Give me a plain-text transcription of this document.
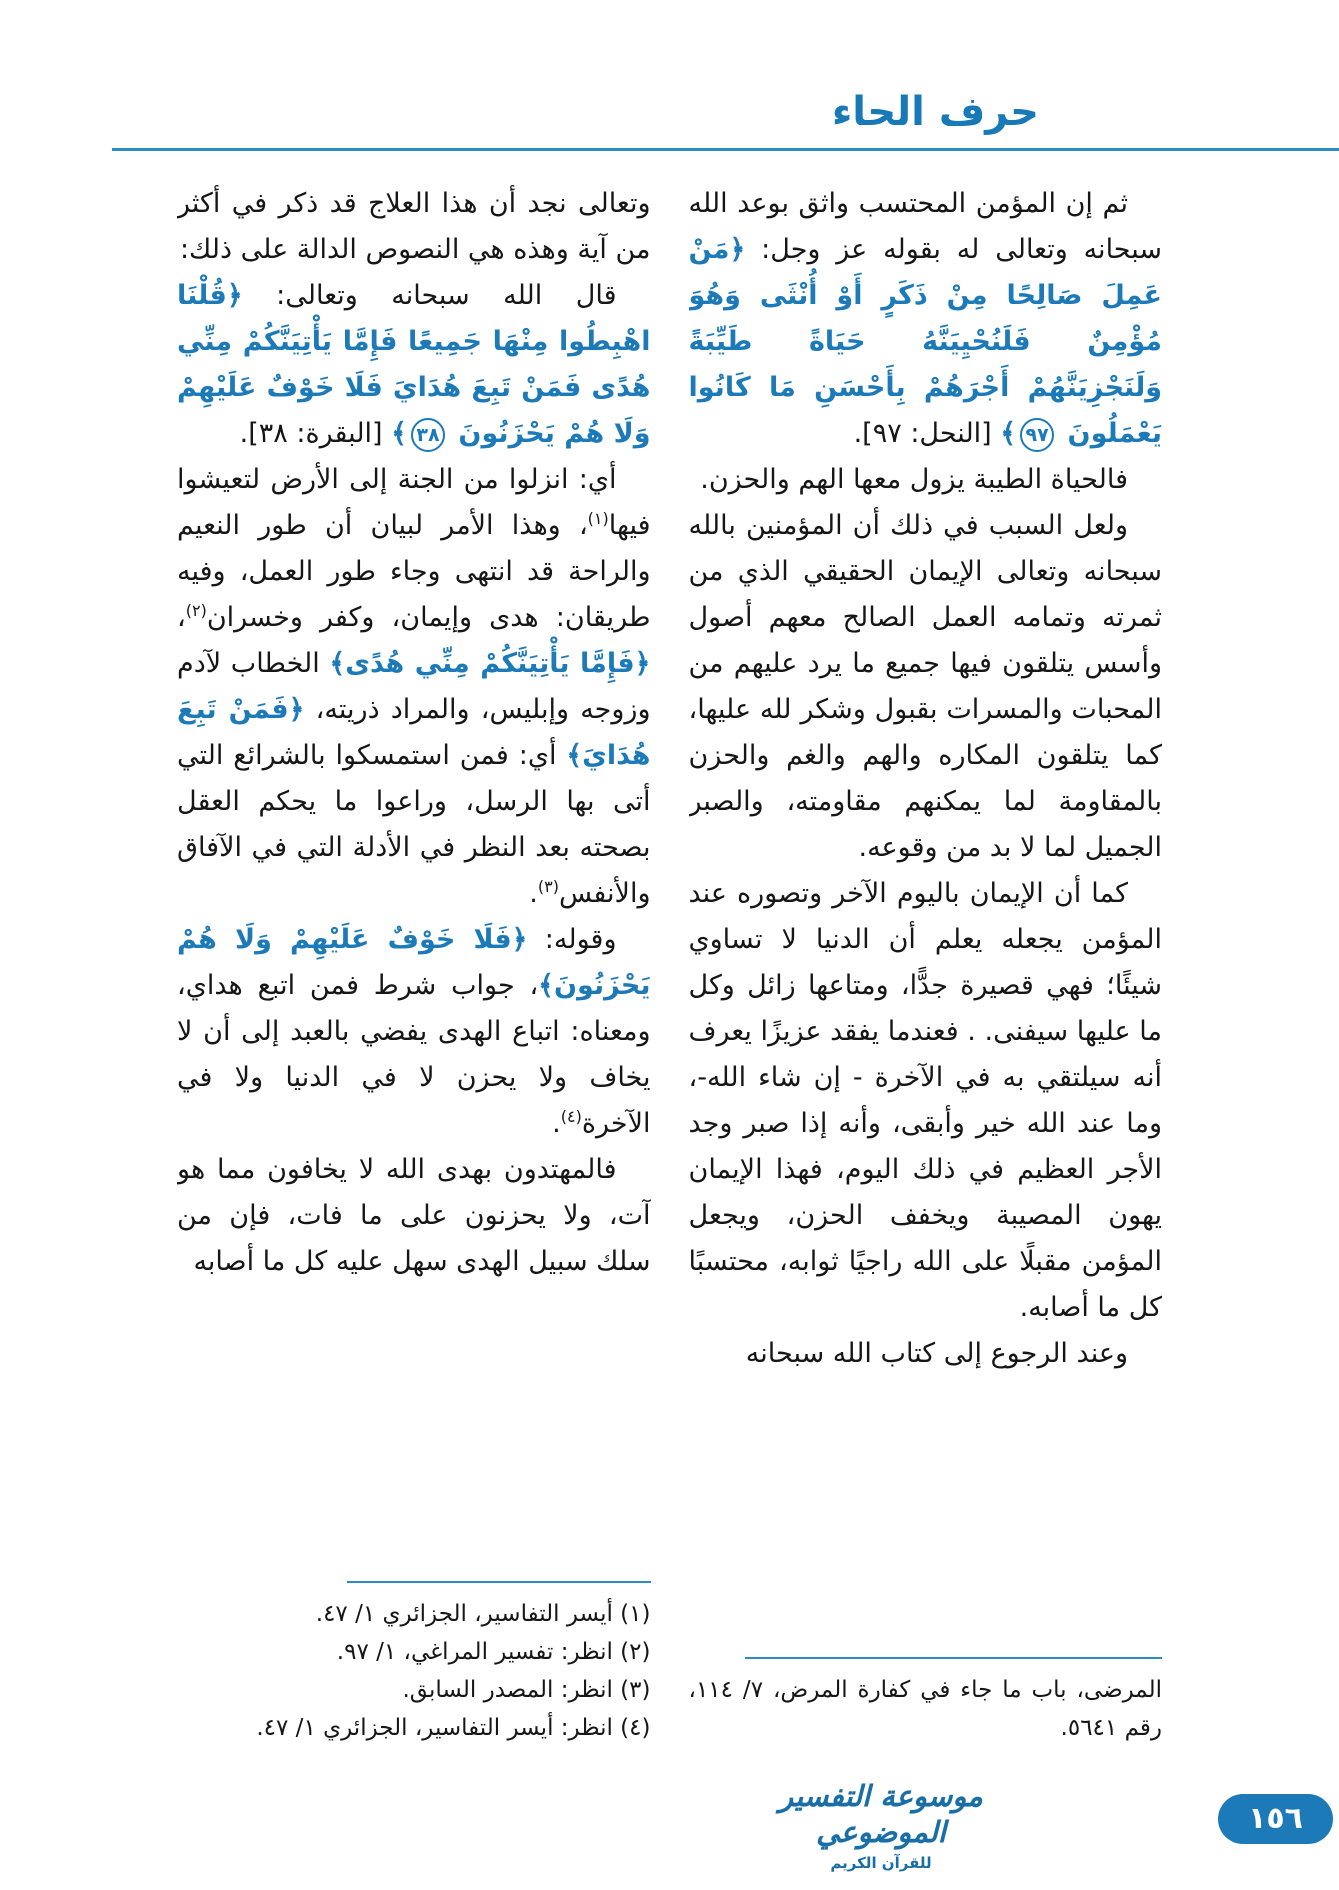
حرف الحاء

ثم إن المؤمن المحتسب واثق بوعد الله سبحانه وتعالى له بقوله عز وجل: ﴿مَنْ عَمِلَ صَالِحًا مِنْ ذَكَرٍ أَوْ أُنْثَى وَهُوَ مُؤْمِنٌ فَلَنُحْيِيَنَّهُ حَيَاةً طَيِّبَةً وَلَنَجْزِيَنَّهُمْ أَجْرَهُمْ بِأَحْسَنِ مَا كَانُوا يَعْمَلُونَ ٩٧﴾ [النحل: ٩٧].

فالحياة الطيبة يزول معها الهم والحزن.

ولعل السبب في ذلك أن المؤمنين بالله سبحانه وتعالى الإيمان الحقيقي الذي من ثمرته وتمامه العمل الصالح معهم أصول وأسس يتلقون فيها جميع ما يرد عليهم من المحبات والمسرات بقبول وشكر لله عليها، كما يتلقون المكاره والهم والغم والحزن بالمقاومة لما يمكنهم مقاومته، والصبر الجميل لما لا بد من وقوعه.

كما أن الإيمان باليوم الآخر وتصوره عند المؤمن يجعله يعلم أن الدنيا لا تساوي شيئًا؛ فهي قصيرة جدًّا، ومتاعها زائل وكل ما عليها سيفنى. . فعندما يفقد عزيزًا يعرف أنه سيلتقي به في الآخرة - إن شاء الله-، وما عند الله خير وأبقى، وأنه إذا صبر وجد الأجر العظيم في ذلك اليوم، فهذا الإيمان يهون المصيبة ويخفف الحزن، ويجعل المؤمن مقبلًا على الله راجيًا ثوابه، محتسبًا كل ما أصابه.

وعند الرجوع إلى كتاب الله سبحانه

المرضى، باب ما جاء في كفارة المرض، ٧/ ١١٤، رقم ٥٦٤١.

وتعالى نجد أن هذا العلاج قد ذكر في أكثر من آية وهذه هي النصوص الدالة على ذلك:

قال الله سبحانه وتعالى: ﴿قُلْنَا اهْبِطُوا مِنْهَا جَمِيعًا فَإِمَّا يَأْتِيَنَّكُمْ مِنِّي هُدًى فَمَنْ تَبِعَ هُدَايَ فَلَا خَوْفٌ عَلَيْهِمْ وَلَا هُمْ يَحْزَنُونَ ٣٨﴾ [البقرة: ٣٨].

أي: انزلوا من الجنة إلى الأرض لتعيشوا فيها$^{(١)}$، وهذا الأمر لبيان أن طور النعيم والراحة قد انتهى وجاء طور العمل، وفيه طريقان: هدى وإيمان، وكفر وخسران$^{(٢)}$، ﴿فَإِمَّا يَأْتِيَنَّكُمْ مِنِّي هُدًى﴾ الخطاب لآدم وزوجه وإبليس، والمراد ذريته، ﴿فَمَنْ تَبِعَ هُدَايَ﴾ أي: فمن استمسكوا بالشرائع التي أتى بها الرسل، وراعوا ما يحكم العقل بصحته بعد النظر في الأدلة التي في الآفاق والأنفس$^{(٣)}$.

وقوله: ﴿فَلَا خَوْفٌ عَلَيْهِمْ وَلَا هُمْ يَحْزَنُونَ﴾، جواب شرط فمن اتبع هداي، ومعناه: اتباع الهدى يفضي بالعبد إلى أن لا يخاف ولا يحزن لا في الدنيا ولا في الآخرة$^{(٤)}$.

فالمهتدون بهدى الله لا يخافون مما هو آت، ولا يحزنون على ما فات، فإن من سلك سبيل الهدى سهل عليه كل ما أصابه

(١) أيسر التفاسير، الجزائري ١/ ٤٧.
(٢) انظر: تفسير المراغي، ١/ ٩٧.
(٣) انظر: المصدر السابق.
(٤) انظر: أيسر التفاسير، الجزائري ١/ ٤٧.
موسوعة التفسير الموضوعي
للقرآن الكريم
١٥٦
